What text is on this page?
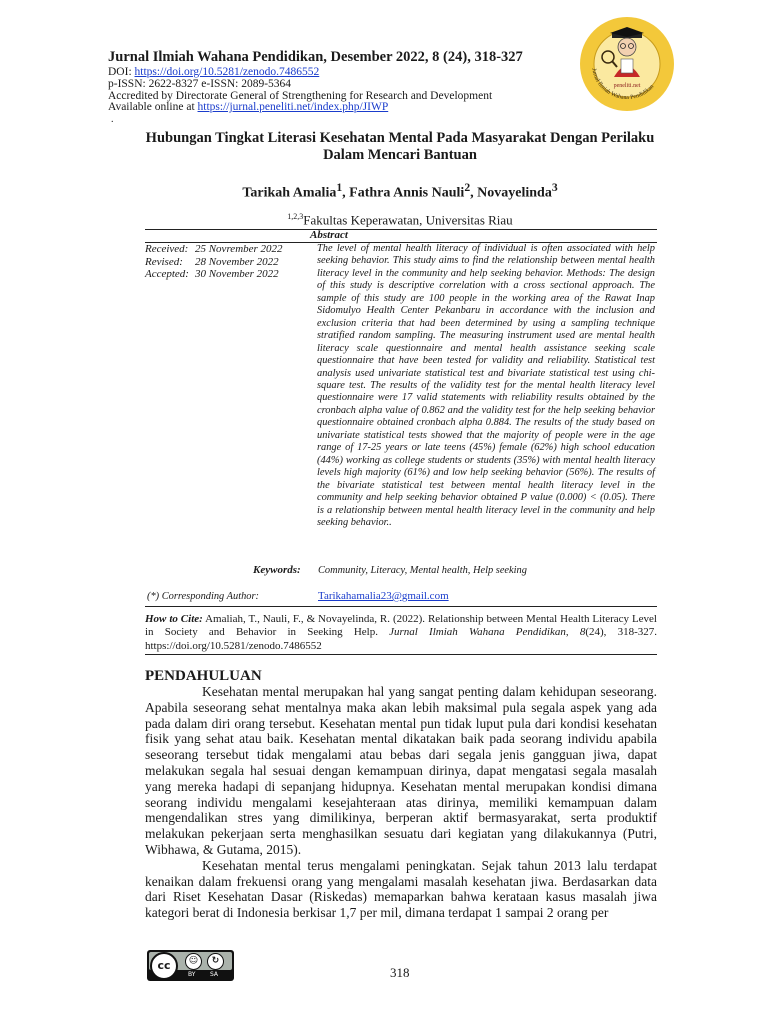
Jurnal Ilmiah Wahana Pendidikan, Desember 2022, 8 (24), 318-327
DOI: https://doi.org/10.5281/zenodo.7486552
p-ISSN: 2622-8327 e-ISSN: 2089-5364
Accredited by Directorate General of Strengthening for Research and Development
Available online at https://jurnal.peneliti.net/index.php/JIWP
.
Jurnal Ilmiah Wahana Pendidikan
peneliti.net
Hubungan Tingkat Literasi Kesehatan Mental Pada Masyarakat Dengan Perilaku Dalam Mencari Bantuan
Tarikah Amalia$^1$, Fathra Annis Nauli$^2$, Novayelinda$^3$
$^{1,2,3}$Fakultas Keperawatan, Universitas Riau
Abstract
Received:	25 Novrember 2022
Revised:	28 November 2022
Accepted:	30 November 2022
The level of mental health literacy of individual is often associated with help seeking behavior. This study aims to find the relationship between mental health literacy level in the community and help seeking behavior. Methods: The design of this study is descriptive correlation with a cross sectional approach. The sample of this study are 100 people in the working area of the Rawat Inap Sidomulyo Health Center Pekanbaru in accordance with the inclusion and exclusion criteria that had been determined by using a sampling technique stratified random sampling. The measuring instrument used are mental health literacy scale questionnaire and mental health assistance seeking scale questionnaire that have been tested for validity and reliability. Statistical test analysis used univariate statistical test and bivariate statistical test using chi-square test. The results of the validity test for the mental health literacy level questionnaire were 17 valid statements with reliability results obtained by the cronbach alpha value of 0.862 and the validity test for the help seeking behavior questionnaire obtained cronbach alpha 0.884. The results of the study based on univariate statistical tests showed that the majority of people were in the age range of 17-25 years or late teens (45%) female (62%) high school education (44%) working as college students or students (35%) with mental health literacy levels high majority (61%) and low help seeking behavior (56%). The results of the bivariate statistical test between mental health literacy level in the community and help seeking behavior obtained P value (0.000) < (0.05). There is a relationship between mental health literacy level in the community and help seeking behavior..
Keywords: Community, Literacy, Mental health, Help seeking
(*) Corresponding Author:	Tarikahamalia23@gmail.com
How to Cite: Amaliah, T., Nauli, F., & Novayelinda, R. (2022). Relationship between Mental Health Literacy Level in Society and Behavior in Seeking Help. Jurnal Ilmiah Wahana Pendidikan, 8(24), 318-327. https://doi.org/10.5281/zenodo.7486552
PENDAHULUAN

Kesehatan mental merupakan hal yang sangat penting dalam kehidupan seseorang. Apabila seseorang sehat mentalnya maka akan lebih maksimal pula segala aspek yang ada pada dalam diri orang tersebut. Kesehatan mental pun tidak luput pula dari kondisi kesehatan fisik yang sehat atau baik. Kesehatan mental dikatakan baik pada seorang individu apabila seseorang tersebut tidak mengalami atau bebas dari segala jenis gangguan jiwa, dapat melakukan segala hal sesuai dengan kemampuan dirinya, dapat mengatasi segala masalah yang mereka hadapi di sepanjang hidupnya. Kesehatan mental merupakan kondisi dimana seorang individu mengalami kesejahteraan atas dirinya, memiliki kemampuan dalam mengendalikan stres yang dimilikinya, berperan aktif bermasyarakat, serta produktif melakukan pekerjaan serta menghasilkan sesuatu dari kegiatan yang dilakukannya (Putri, Wibhawa, & Gutama, 2015).

Kesehatan mental terus mengalami peningkatan. Sejak tahun 2013 lalu terdapat kenaikan dalam frekuensi orang yang mengalami masalah kesehatan jiwa. Berdasarkan data dari Riset Kesehatan Dasar (Riskedas) memaparkan bahwa kerataan kasus masalah jiwa kategori berat di Indonesia berkisar 1,7 per mil, dimana terdapat 1 sampai 2 orang per

cc	☺	↻
BY SA	318
